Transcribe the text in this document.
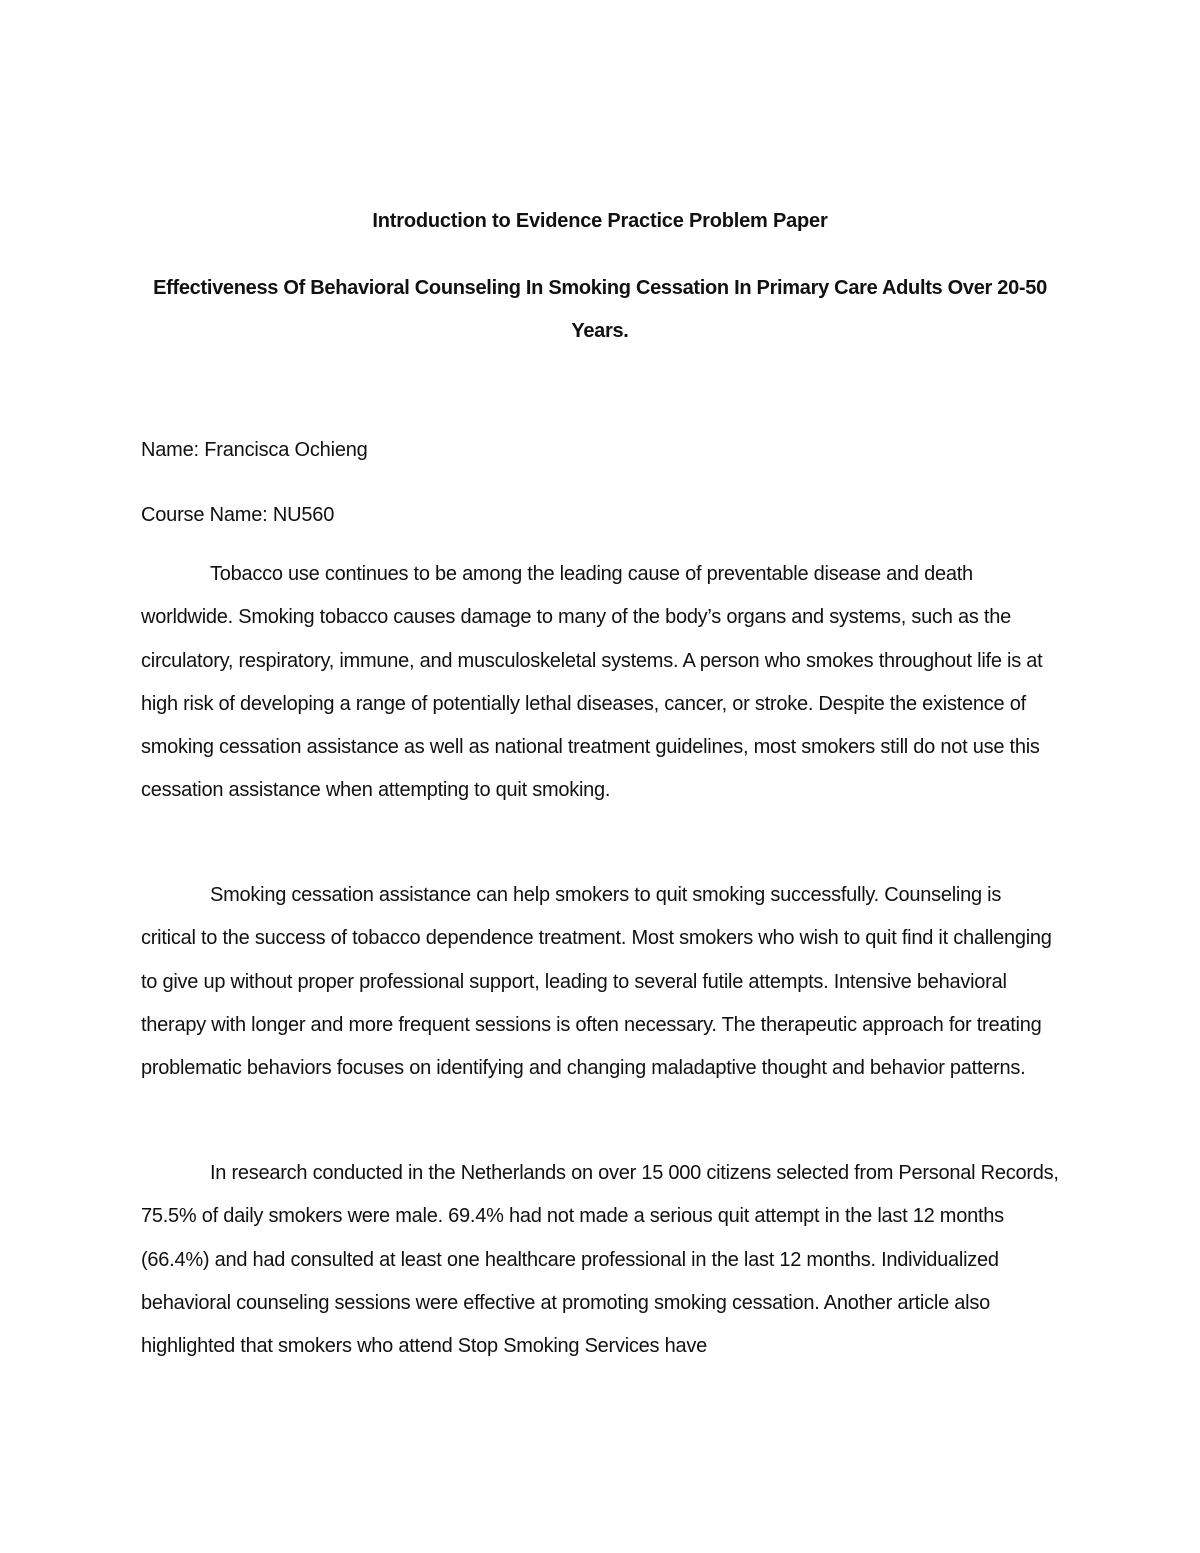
Introduction to Evidence Practice Problem Paper
Effectiveness Of Behavioral Counseling In Smoking Cessation In Primary Care Adults Over 20-50 Years.
Name: Francisca Ochieng
Course Name: NU560

Tobacco use continues to be among the leading cause of preventable disease and death worldwide. Smoking tobacco causes damage to many of the body’s organs and systems, such as the circulatory, respiratory, immune, and musculoskeletal systems. A person who smokes throughout life is at high risk of developing a range of potentially lethal diseases, cancer, or stroke. Despite the existence of smoking cessation assistance as well as national treatment guidelines, most smokers still do not use this cessation assistance when attempting to quit smoking.

Smoking cessation assistance can help smokers to quit smoking successfully. Counseling is critical to the success of tobacco dependence treatment. Most smokers who wish to quit find it challenging to give up without proper professional support, leading to several futile attempts. Intensive behavioral therapy with longer and more frequent sessions is often necessary. The therapeutic approach for treating problematic behaviors focuses on identifying and changing maladaptive thought and behavior patterns.

In research conducted in the Netherlands on over 15 000 citizens selected from Personal Records, 75.5% of daily smokers were male. 69.4% had not made a serious quit attempt in the last 12 months (66.4%) and had consulted at least one healthcare professional in the last 12 months. Individualized behavioral counseling sessions were effective at promoting smoking cessation. Another article also highlighted that smokers who attend Stop Smoking Services have
